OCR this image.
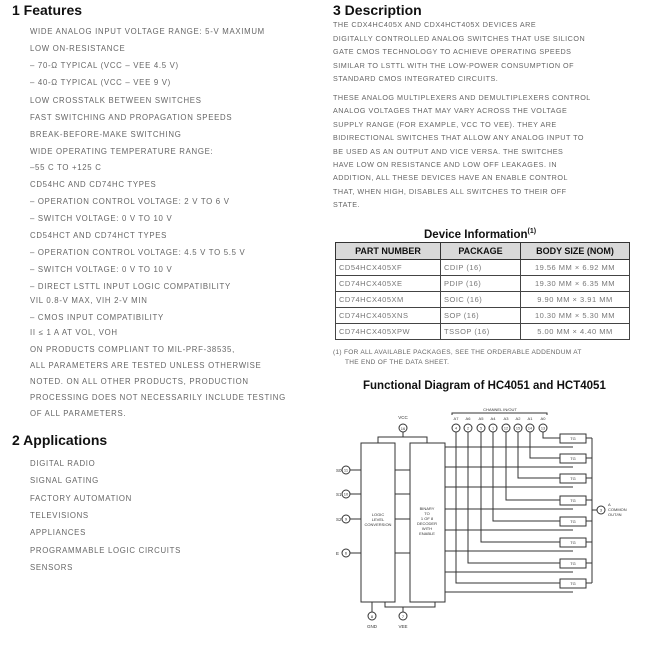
1 Features
WIDE ANALOG INPUT VOLTAGE RANGE: 5-V MAXIMUM
LOW ON-RESISTANCE
– 70-Ω TYPICAL (VCC – VEE 4.5 V)
– 40-Ω TYPICAL (VCC – VEE 9 V)
LOW CROSSTALK BETWEEN SWITCHES
FAST SWITCHING AND PROPAGATION SPEEDS
BREAK-BEFORE-MAKE SWITCHING
WIDE OPERATING TEMPERATURE RANGE:
–55 C TO +125 C
CD54HC AND CD74HC TYPES
– OPERATION CONTROL VOLTAGE: 2 V TO 6 V
– SWITCH VOLTAGE: 0 V TO 10 V
CD54HCT AND CD74HCT TYPES
– OPERATION CONTROL VOLTAGE: 4.5 V TO 5.5 V
– SWITCH VOLTAGE: 0 V TO 10 V
– DIRECT LSTTL INPUT LOGIC COMPATIBILITY
VIL 0.8-V MAX, VIH 2-V MIN
– CMOS INPUT COMPATIBILITY
II ≤ 1 A AT VOL, VOH
ON PRODUCTS COMPLIANT TO MIL-PRF-38535,
ALL PARAMETERS ARE TESTED UNLESS OTHERWISE
NOTED. ON ALL OTHER PRODUCTS, PRODUCTION
PROCESSING DOES NOT NECESSARILY INCLUDE TESTING
OF ALL PARAMETERS.
2 Applications
DIGITAL RADIO
SIGNAL GATING
FACTORY AUTOMATION
TELEVISIONS
APPLIANCES
PROGRAMMABLE LOGIC CIRCUITS
SENSORS
3 Description
THE CDX4HC405X AND CDX4HCT405X DEVICES ARE
DIGITALLY CONTROLLED ANALOG SWITCHES THAT USE SILICON
GATE CMOS TECHNOLOGY TO ACHIEVE OPERATING SPEEDS
SIMILAR TO LSTTL WITH THE LOW-POWER CONSUMPTION OF
STANDARD CMOS INTEGRATED CIRCUITS.
THESE ANALOG MULTIPLEXERS AND DEMULTIPLEXERS CONTROL
ANALOG VOLTAGES THAT MAY VARY ACROSS THE VOLTAGE
SUPPLY RANGE (FOR EXAMPLE, VCC TO VEE). THEY ARE
BIDIRECTIONAL SWITCHES THAT ALLOW ANY ANALOG INPUT TO
BE USED AS AN OUTPUT AND VICE VERSA. THE SWITCHES
HAVE LOW ON RESISTANCE AND LOW OFF LEAKAGES. IN
ADDITION, ALL THESE DEVICES HAVE AN ENABLE CONTROL
THAT, WHEN HIGH, DISABLES ALL SWITCHES TO THEIR OFF
STATE.
Device Information$^{(1)}$
PART NUMBER	PACKAGE	BODY SIZE (NOM)
CD54HCX405XF	CDIP (16)	19.56 MM × 6.92 MM
CD74HCX405XE	PDIP (16)	19.30 MM × 6.35 MM
CD74HCX405XM	SOIC (16)	9.90 MM × 3.91 MM
CD74HCX405XNS	SOP (16)	10.30 MM × 5.30 MM
CD74HCX405XPW	TSSOP (16)	5.00 MM × 4.40 MM
(1) FOR ALL AVAILABLE PACKAGES, SEE THE ORDERABLE ADDENDUM AT
THE END OF THE DATA SHEET.
Functional Diagram of HC4051 and HCT4051
LOGIC
LEVEL
CONVERSION
BINARY
TO
1 OF 8
DECODER
WITH
ENABLE
16
VCC
8
GND
7
VEE
S0 11
S1 10
S2 9
E 6
CHANNEL IN/OUT
A7
4
A6
2
A5
5
A4
1
A3
12
A2
15
A1
14
A0
13
TG
TG
TG
TG
TG
TG
TG
TG
3
A
COMMON
OUT/IN
